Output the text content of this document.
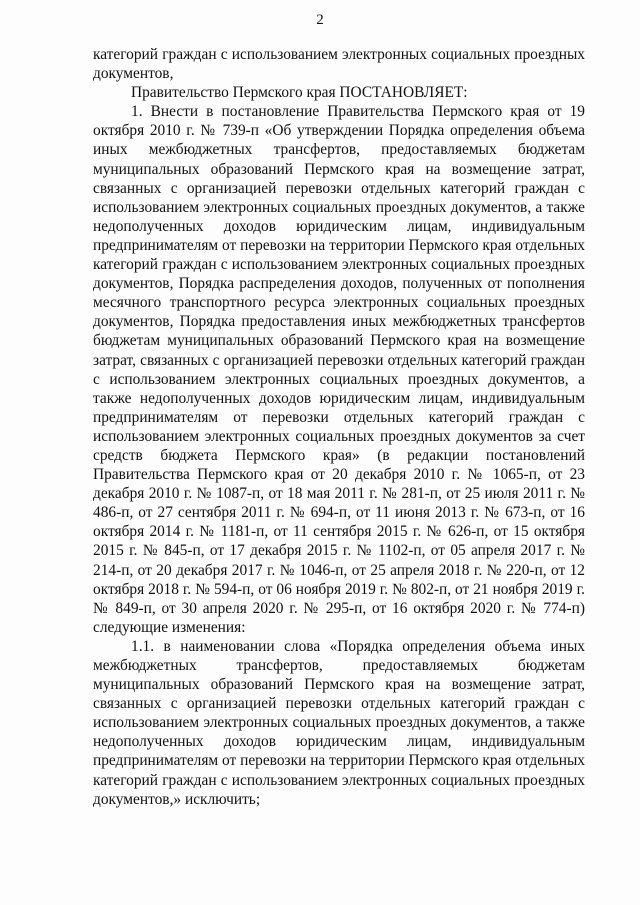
2

категорий граждан с использованием электронных социальных проездных документов,

Правительство Пермского края ПОСТАНОВЛЯЕТ:

1. Внести в постановление Правительства Пермского края от 19 октября 2010 г. № 739-п «Об утверждении Порядка определения объема иных межбюджетных трансфертов, предоставляемых бюджетам муниципальных образований Пермского края на возмещение затрат, связанных с организацией перевозки отдельных категорий граждан с использованием электронных социальных проездных документов, а также недополученных доходов юридическим лицам, индивидуальным предпринимателям от перевозки на территории Пермского края отдельных категорий граждан с использованием электронных социальных проездных документов, Порядка распределения доходов, полученных от пополнения месячного транспортного ресурса электронных социальных проездных документов, Порядка предоставления иных межбюджетных трансфертов бюджетам муниципальных образований Пермского края на возмещение затрат, связанных с организацией перевозки отдельных категорий граждан с использованием электронных социальных проездных документов, а также недополученных доходов юридическим лицам, индивидуальным предпринимателям от перевозки отдельных категорий граждан с использованием электронных социальных проездных документов за счет средств бюджета Пермского края» (в редакции постановлений Правительства Пермского края от 20 декабря 2010 г. № 1065-п, от 23 декабря 2010 г. № 1087-п, от 18 мая 2011 г. № 281-п, от 25 июля 2011 г. № 486-п, от 27 сентября 2011 г. № 694-п, от 11 июня 2013 г. № 673-п, от 16 октября 2014 г. № 1181-п, от 11 сентября 2015 г. № 626-п, от 15 октября 2015 г. № 845-п, от 17 декабря 2015 г. № 1102-п, от 05 апреля 2017 г. № 214-п, от 20 декабря 2017 г. № 1046-п, от 25 апреля 2018 г. № 220-п, от 12 октября 2018 г. № 594-п, от 06 ноября 2019 г. № 802-п, от 21 ноября 2019 г. № 849-п, от 30 апреля 2020 г. № 295-п, от 16 октября 2020 г. № 774-п) следующие изменения:

1.1. в наименовании слова «Порядка определения объема иных межбюджетных трансфертов, предоставляемых бюджетам муниципальных образований Пермского края на возмещение затрат, связанных с организацией перевозки отдельных категорий граждан с использованием электронных социальных проездных документов, а также недополученных доходов юридическим лицам, индивидуальным предпринимателям от перевозки на территории Пермского края отдельных категорий граждан с использованием электронных социальных проездных документов,» исключить;
